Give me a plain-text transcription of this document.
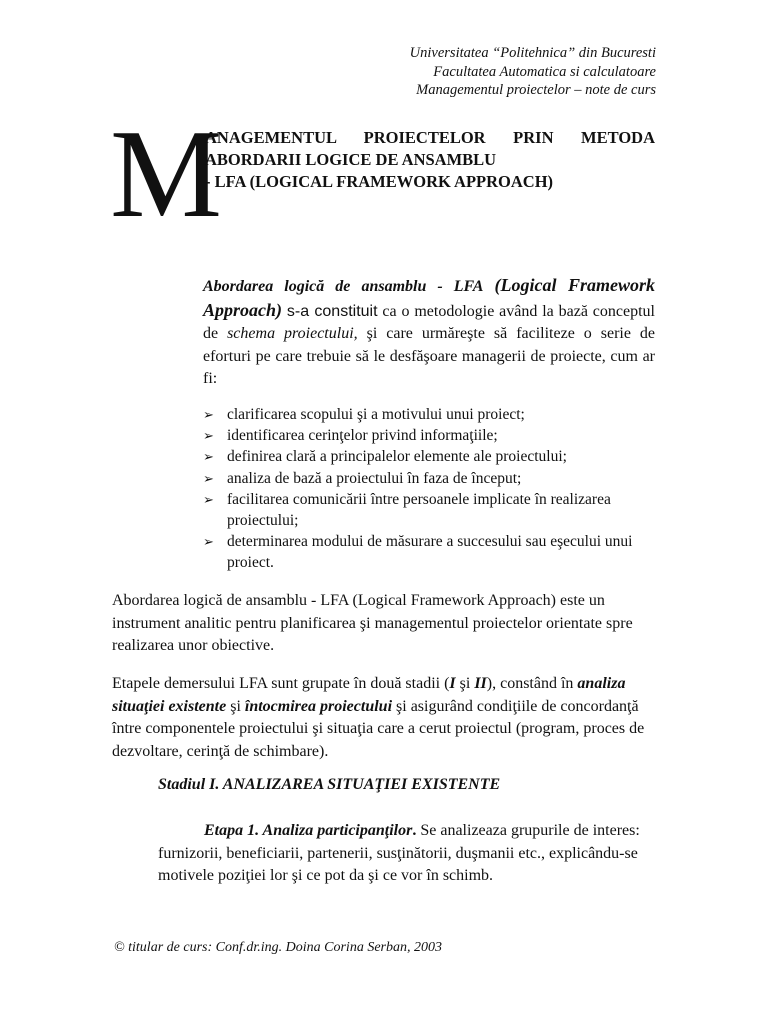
Universitatea “Politehnica” din Bucuresti
Facultatea Automatica si calculatoare
Managementul proiectelor – note de curs
M
ANAGEMENTUL PROIECTELOR PRIN METODA
ABORDARII LOGICE DE ANSAMBLU
- LFA (LOGICAL FRAMEWORK APPROACH)
Abordarea logică de ansamblu - LFA (Logical Framework Approach) s-a constituit ca o metodologie având la bază conceptul de schema proiectului, şi care urmăreşte să faciliteze o serie de eforturi pe care trebuie să le desfăşoare managerii de proiecte, cum ar fi:
➢ clarificarea scopului şi a motivului unui proiect;
➢ identificarea cerinţelor privind informaţiile;
➢ definirea clară a principalelor elemente ale proiectului;
➢ analiza de bază a proiectului în faza de început;
➢ facilitarea comunicării între persoanele implicate în realizarea proiectului;
➢ determinarea modului de măsurare a succesului sau eşecului unui proiect.
Abordarea logică de ansamblu - LFA (Logical Framework Approach) este un instrument analitic pentru planificarea şi managementul proiectelor orientate spre realizarea unor obiective.
Etapele demersului LFA sunt grupate în două stadii (I şi II), constând în analiza situaţiei existente şi întocmirea proiectului şi asigurând condiţiile de concordanţă între componentele proiectului şi situaţia care a cerut proiectul (program, proces de dezvoltare, cerinţă de schimbare).
Stadiul I. ANALIZAREA SITUAŢIEI EXISTENTE
Etapa 1. Analiza participanţilor. Se analizeaza grupurile de interes: furnizorii, beneficiarii, partenerii, susţinătorii, duşmanii etc., explicându-se motivele poziţiei lor şi ce pot da şi ce vor în schimb.
© titular de curs: Conf.dr.ing. Doina Corina Serban, 2003
